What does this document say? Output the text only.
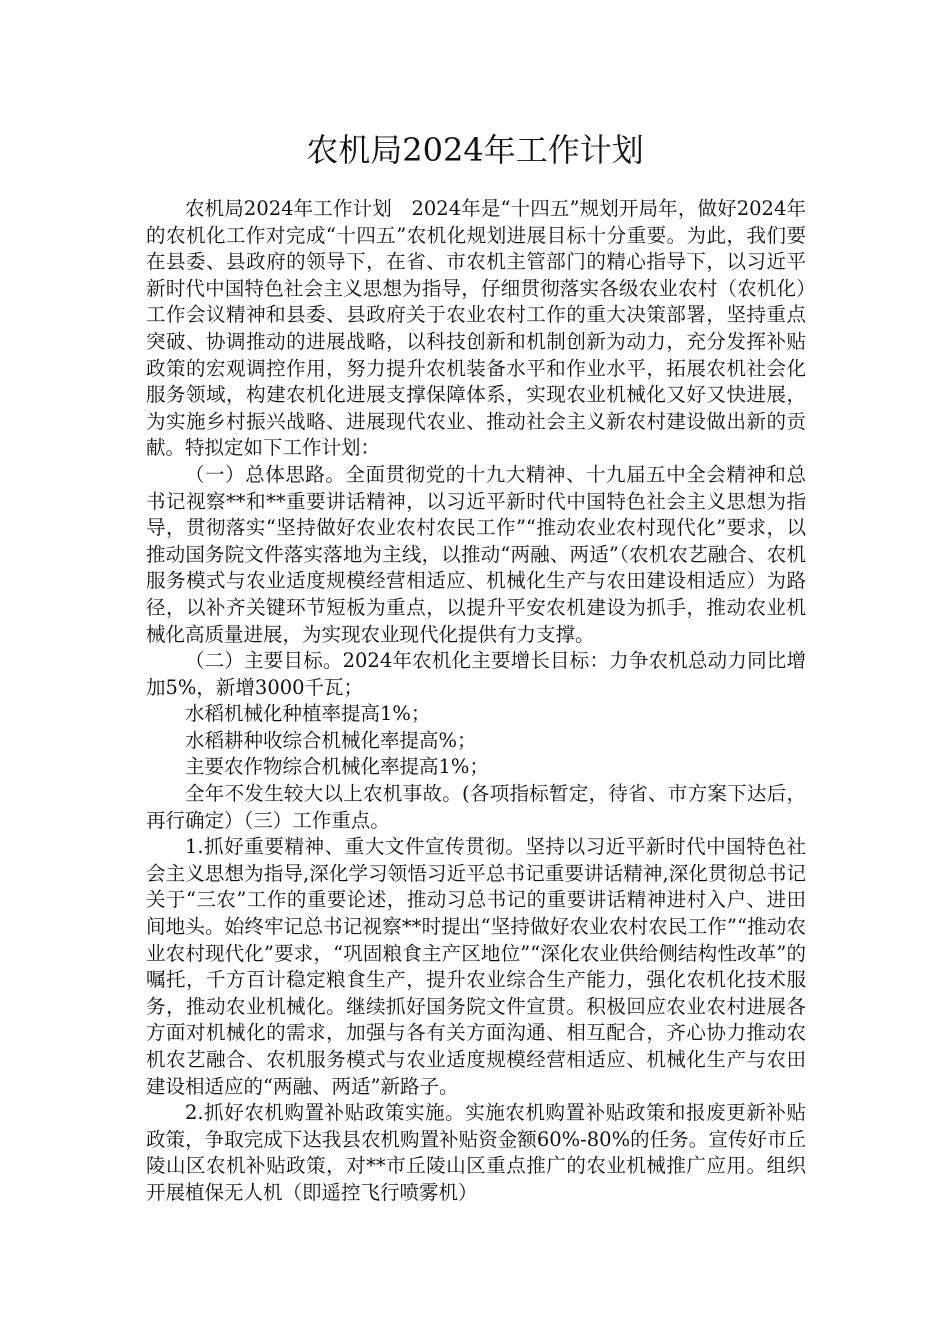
农机局2024年工作计划

农机局2024年工作计划　2024年是“十四五”规划开局年，做好2024年的农机化工作对完成“十四五”农机化规划进展目标十分重要。为此，我们要在县委、县政府的领导下，在省、市农机主管部门的精心指导下，以习近平新时代中国特色社会主义思想为指导，仔细贯彻落实各级农业农村（农机化）工作会议精神和县委、县政府关于农业农村工作的重大决策部署，坚持重点突破、协调推动的进展战略，以科技创新和机制创新为动力，充分发挥补贴政策的宏观调控作用，努力提升农机装备水平和作业水平，拓展农机社会化服务领域，构建农机化进展支撑保障体系，实现农业机械化又好又快进展，为实施乡村振兴战略、进展现代农业、推动社会主义新农村建设做出新的贡献。特拟定如下工作计划：

（一）总体思路。全面贯彻党的十九大精神、十九届五中全会精神和总书记视察**和**重要讲话精神，以习近平新时代中国特色社会主义思想为指导，贯彻落实“坚持做好农业农村农民工作”“推动农业农村现代化”要求，以推动国务院文件落实落地为主线，以推动“两融、两适”（农机农艺融合、农机服务模式与农业适度规模经营相适应、机械化生产与农田建设相适应）为路径，以补齐关键环节短板为重点，以提升平安农机建设为抓手，推动农业机械化高质量进展，为实现农业现代化提供有力支撑。

（二）主要目标。2024年农机化主要增长目标：力争农机总动力同比增加5%，新增3000千瓦；

水稻机械化种植率提高1%；

水稻耕种收综合机械化率提高%；

主要农作物综合机械化率提高1%；

全年不发生较大以上农机事故。(各项指标暂定，待省、市方案下达后，再行确定）（三）工作重点。

1.抓好重要精神、重大文件宣传贯彻。坚持以习近平新时代中国特色社会主义思想为指导,深化学习领悟习近平总书记重要讲话精神,深化贯彻总书记关于“三农”工作的重要论述，推动习总书记的重要讲话精神进村入户、进田间地头。始终牢记总书记视察**时提出“坚持做好农业农村农民工作”“推动农业农村现代化”要求，“巩固粮食主产区地位”“深化农业供给侧结构性改革”的嘱托，千方百计稳定粮食生产，提升农业综合生产能力，强化农机化技术服务，推动农业机械化。继续抓好国务院文件宣贯。积极回应农业农村进展各方面对机械化的需求，加强与各有关方面沟通、相互配合，齐心协力推动农机农艺融合、农机服务模式与农业适度规模经营相适应、机械化生产与农田建设相适应的“两融、两适”新路子。

2.抓好农机购置补贴政策实施。实施农机购置补贴政策和报废更新补贴政策，争取完成下达我县农机购置补贴资金额60%-80%的任务。宣传好市丘陵山区农机补贴政策，对**市丘陵山区重点推广的农业机械推广应用。组织开展植保无人机（即遥控飞行喷雾机）
